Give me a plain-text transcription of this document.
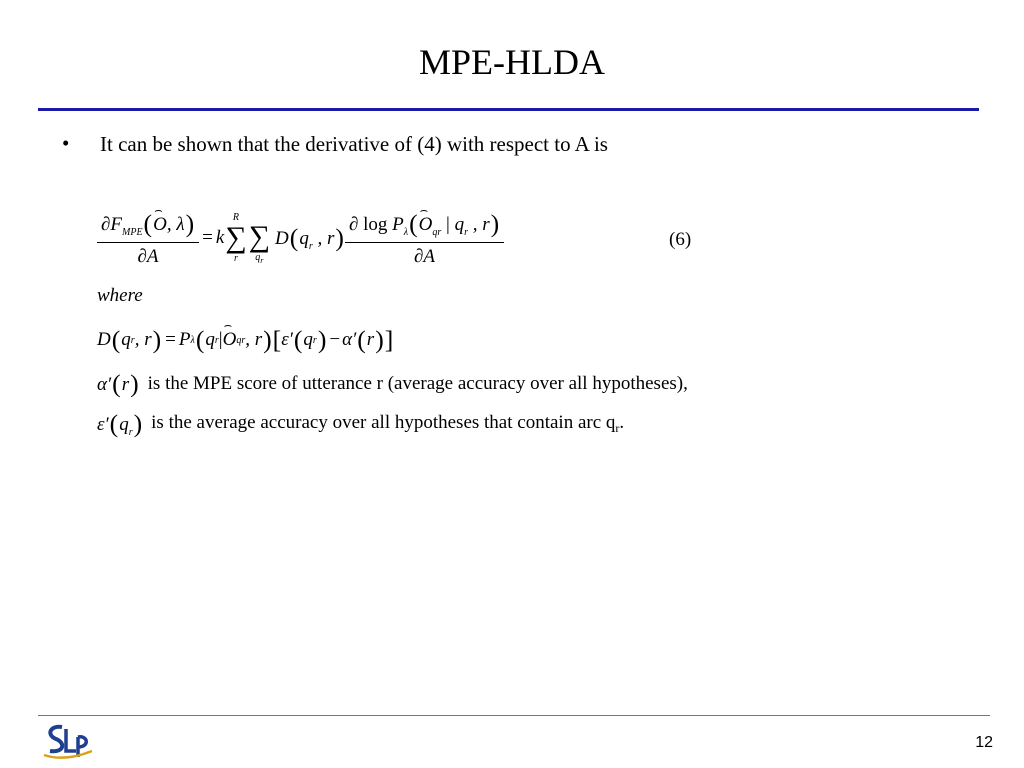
MPE-HLDA
• It can be shown that the derivative of (4) with respect to A is
$\frac{\partial F_{MPE}(⌢ O, \lambda)}{\partial A} = k$
R
∑
r

∑
$q_r$
$D(q_r$ , $r) \frac{\partial \log P_\lambda(⌢ O_{qr} | q_r , r)}{\partial A}$	(6)
where
D ( q r , r ) = P λ ( q r |
⌢ O qr , r ) [ ε′ ( q r ) − α′ ( r ) ]
α′(r) is the MPE score of utterance r (average accuracy over all hypotheses),
$\varepsilon'(q_r)$ is the average accuracy over all hypotheses that contain arc $q_r$.
SLP	12
